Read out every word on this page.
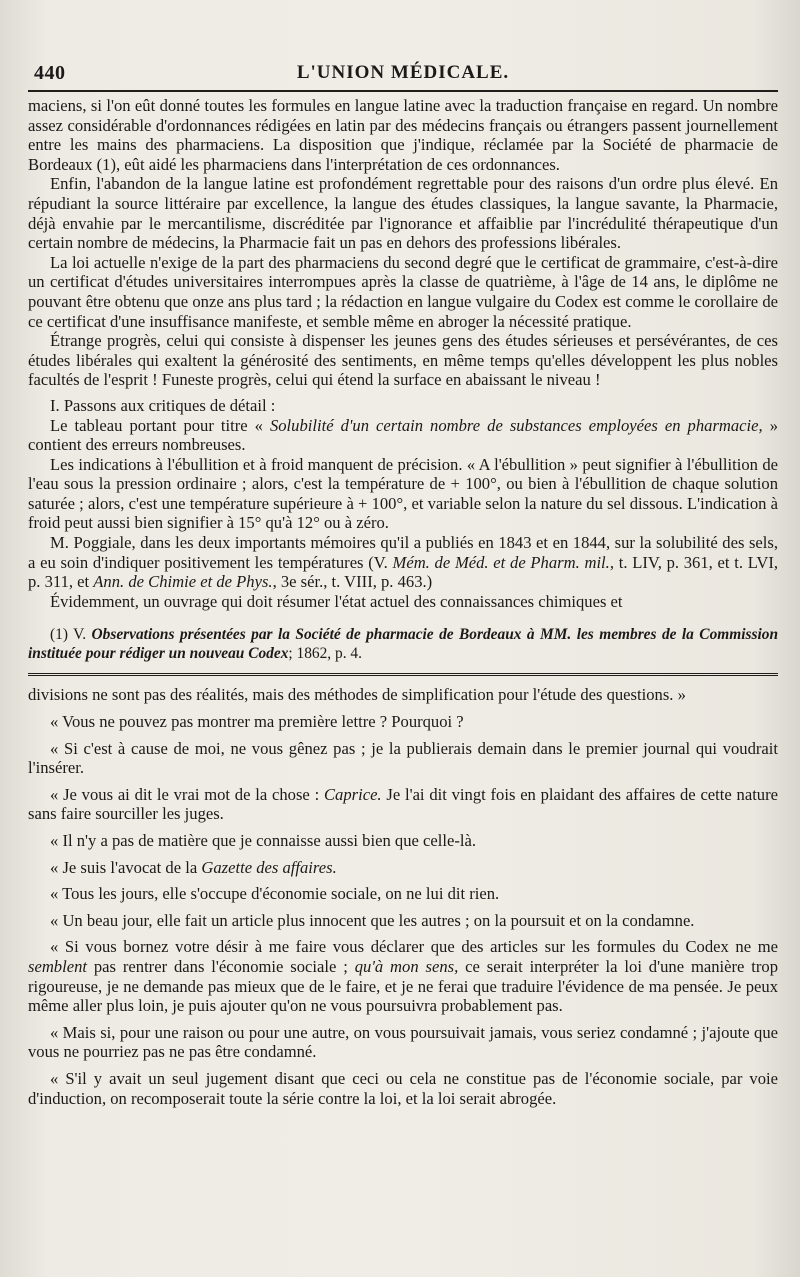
440	L'UNION MÉDICALE.

maciens, si l'on eût donné toutes les formules en langue latine avec la traduction française en regard. Un nombre assez considérable d'ordonnances rédigées en latin par des médecins français ou étrangers passent journellement entre les mains des pharmaciens. La disposition que j'indique, réclamée par la Société de pharmacie de Bordeaux (1), eût aidé les pharmaciens dans l'interprétation de ces ordonnances.

Enfin, l'abandon de la langue latine est profondément regrettable pour des raisons d'un ordre plus élevé. En répudiant la source littéraire par excellence, la langue des études classiques, la langue savante, la Pharmacie, déjà envahie par le mercantilisme, discréditée par l'ignorance et affaiblie par l'incrédulité thérapeutique d'un certain nombre de médecins, la Pharmacie fait un pas en dehors des professions libérales.

La loi actuelle n'exige de la part des pharmaciens du second degré que le certificat de grammaire, c'est-à-dire un certificat d'études universitaires interrompues après la classe de quatrième, à l'âge de 14 ans, le diplôme ne pouvant être obtenu que onze ans plus tard ; la rédaction en langue vulgaire du Codex est comme le corollaire de ce certificat d'une insuffisance manifeste, et semble même en abroger la nécessité pratique.

Étrange progrès, celui qui consiste à dispenser les jeunes gens des études sérieuses et persévérantes, de ces études libérales qui exaltent la générosité des sentiments, en même temps qu'elles développent les plus nobles facultés de l'esprit ! Funeste progrès, celui qui étend la surface en abaissant le niveau !

I. Passons aux critiques de détail :

Le tableau portant pour titre « Solubilité d'un certain nombre de substances employées en pharmacie, » contient des erreurs nombreuses.

Les indications à l'ébullition et à froid manquent de précision. « A l'ébullition » peut signifier à l'ébullition de l'eau sous la pression ordinaire ; alors, c'est la température de + 100°, ou bien à l'ébullition de chaque solution saturée ; alors, c'est une température supérieure à + 100°, et variable selon la nature du sel dissous. L'indication à froid peut aussi bien signifier à 15° qu'à 12° ou à zéro.

M. Poggiale, dans les deux importants mémoires qu'il a publiés en 1843 et en 1844, sur la solubilité des sels, a eu soin d'indiquer positivement les températures (V. Mém. de Méd. et de Pharm. mil., t. LIV, p. 361, et t. LVI, p. 311, et Ann. de Chimie et de Phys., 3e sér., t. VIII, p. 463.)

Évidemment, un ouvrage qui doit résumer l'état actuel des connaissances chimiques et

(1) V. Observations présentées par la Société de pharmacie de Bordeaux à MM. les membres de la Commission instituée pour rédiger un nouveau Codex; 1862, p. 4.

divisions ne sont pas des réalités, mais des méthodes de simplification pour l'étude des questions. »

« Vous ne pouvez pas montrer ma première lettre ? Pourquoi ?

« Si c'est à cause de moi, ne vous gênez pas ; je la publierais demain dans le premier journal qui voudrait l'insérer.

« Je vous ai dit le vrai mot de la chose : Caprice. Je l'ai dit vingt fois en plaidant des affaires de cette nature sans faire sourciller les juges.

« Il n'y a pas de matière que je connaisse aussi bien que celle-là.

« Je suis l'avocat de la Gazette des affaires.

« Tous les jours, elle s'occupe d'économie sociale, on ne lui dit rien.

« Un beau jour, elle fait un article plus innocent que les autres ; on la poursuit et on la condamne.

« Si vous bornez votre désir à me faire vous déclarer que des articles sur les formules du Codex ne me semblent pas rentrer dans l'économie sociale ; qu'à mon sens, ce serait interpréter la loi d'une manière trop rigoureuse, je ne demande pas mieux que de le faire, et je ne ferai que traduire l'évidence de ma pensée. Je peux même aller plus loin, je puis ajouter qu'on ne vous poursuivra probablement pas.

« Mais si, pour une raison ou pour une autre, on vous poursuivait jamais, vous seriez condamné ; j'ajoute que vous ne pourriez pas ne pas être condamné.

« S'il y avait un seul jugement disant que ceci ou cela ne constitue pas de l'économie sociale, par voie d'induction, on recomposerait toute la série contre la loi, et la loi serait abrogée.
